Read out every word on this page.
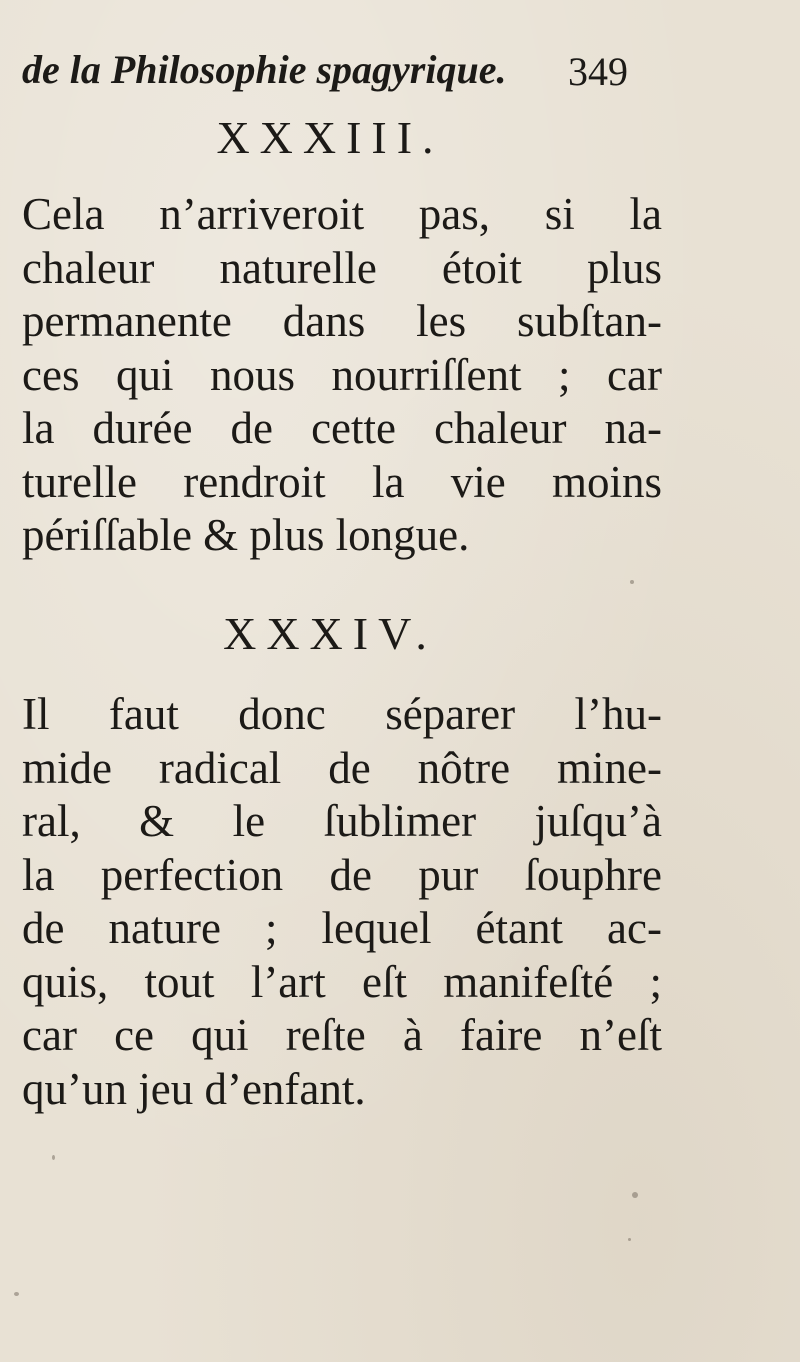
de la Philosophie spagyrique.	349
XXXIII.
Cela n’arriveroit pas, si la
chaleur naturelle étoit plus
permanente dans les subſtan-
ces qui nous nourriſſent ; car
la durée de cette chaleur na-
turelle rendroit la vie moins
périſſable & plus longue.
XXXIV.
Il faut donc séparer l’hu-
mide radical de nôtre mine-
ral, & le ſublimer juſqu’à
la perfection de pur ſouphre
de nature ; lequel étant ac-
quis, tout l’art eſt manifeſté ;
car ce qui reſte à faire n’eſt
qu’un jeu d’enfant.
